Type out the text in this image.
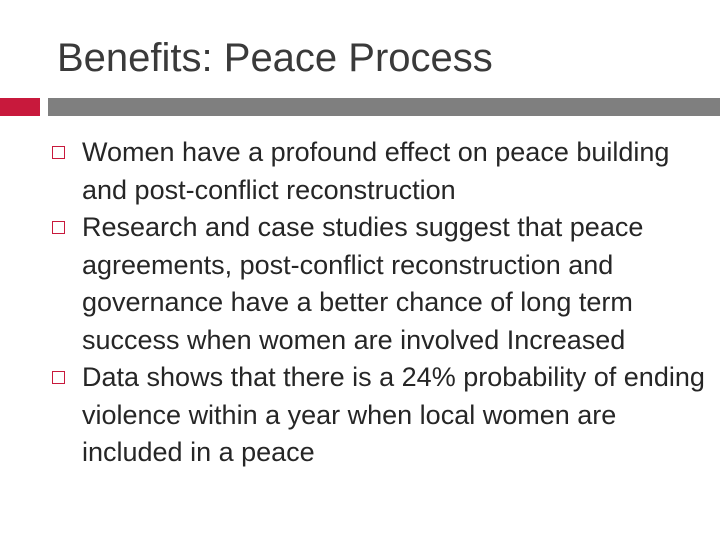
Benefits: Peace Process
Women have a profound effect on peace building and post-conflict reconstruction
Research and case studies suggest that peace agreements, post-conflict reconstruction and governance have a better chance of long term success when women are involved Increased
Data shows that there is a 24% probability of ending violence within a year when local women are included in a peace
